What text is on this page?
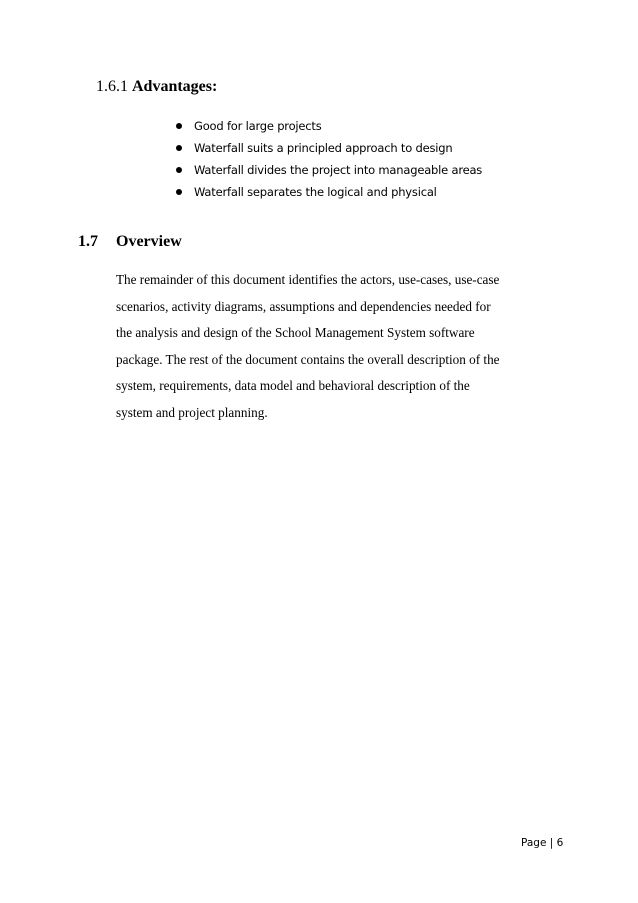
1.6.1 Advantages:
Good for large projects
Waterfall suits a principled approach to design
Waterfall divides the project into manageable areas
Waterfall separates the logical and physical
1.7 Overview

The remainder of this document identifies the actors, use-cases, use-case
scenarios, activity diagrams, assumptions and dependencies needed for
the analysis and design of the School Management System software
package. The rest of the document contains the overall description of the
system, requirements, data model and behavioral description of the
system and project planning.

Page | 6
